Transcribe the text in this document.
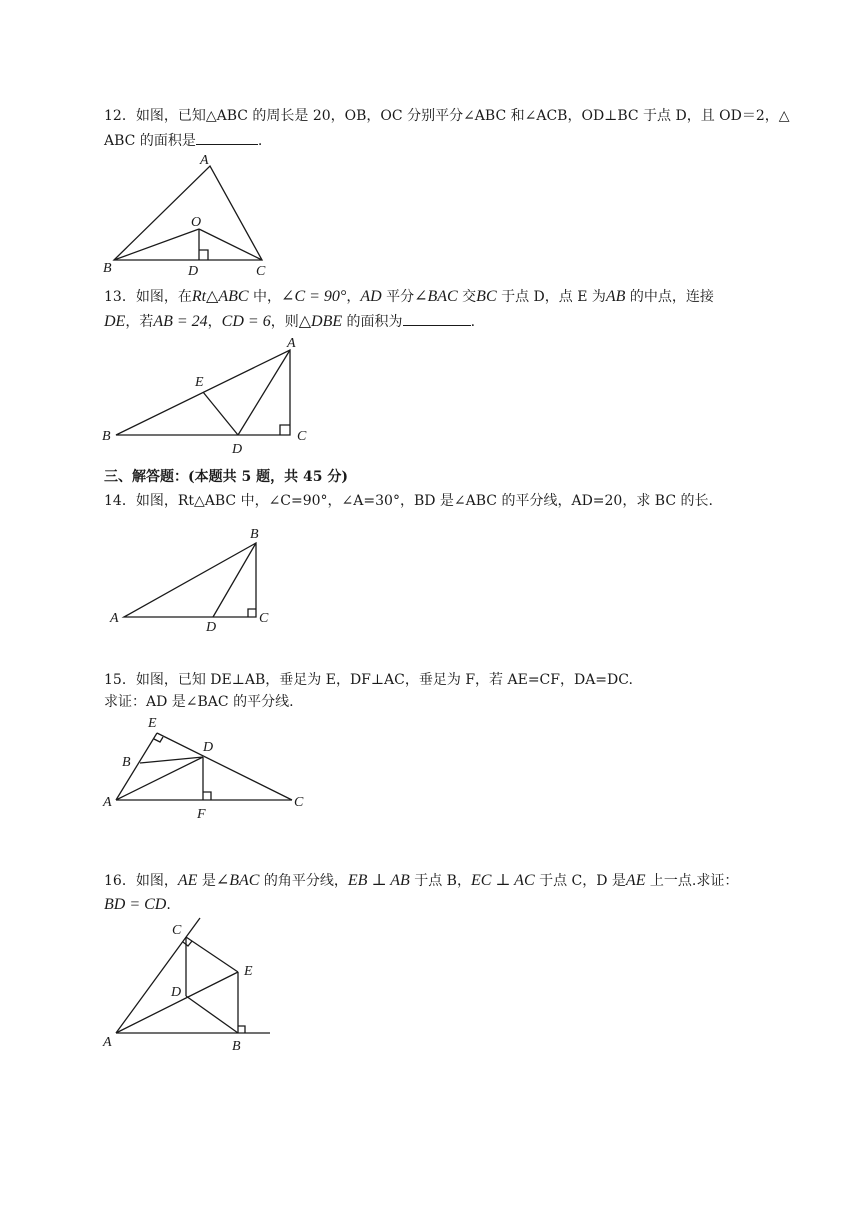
12．如图，已知△ABC 的周长是 20，OB，OC 分别平分∠ABC 和∠ACB，OD⊥BC 于点 D，且 OD＝2，△
ABC 的面积是	.
A
O
B	D	C
13．如图，在Rt△ABC 中，∠C = 90°，AD 平分∠BAC 交BC 于点 D，点 E 为AB 的中点，连接
DE，若AB = 24，CD = 6，则△DBE 的面积为	.
A
E
B
D
C
三、解答题：(本题共 5 题，共 45 分)
14．如图，Rt△ABC 中，∠C=90°，∠A=30°，BD 是∠ABC 的平分线，AD=20，求 BC 的长.
A
B
C
D
15．如图，已知 DE⊥AB，垂足为 E，DF⊥AC，垂足为 F，若 AE=CF，DA=DC.
求证：AD 是∠BAC 的平分线.
E
D
B
A
F
C
16．如图，AE 是∠BAC 的角平分线，EB ⊥ AB 于点 B，EC ⊥ AC 于点 C，D 是AE 上一点.求证：
BD = CD.
C
E
D
A	B
